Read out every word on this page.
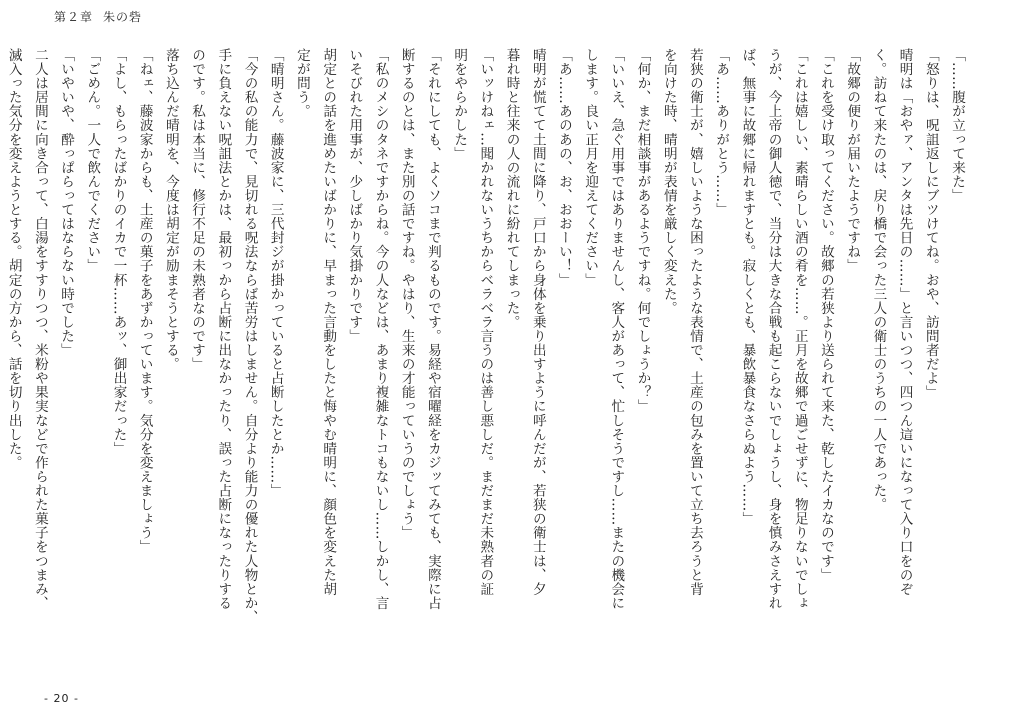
第２章 朱の砦

「……腹が立って来た」

「怒りは、呪詛返しにブツけてね。おや、訪問者だよ」

晴明は「おやァ、アンタは先日の……」と言いつつ、四つん這いになって入り口をのぞ

く。訪ねて来たのは、戻り橋で会った三人の衛士のうちの一人であった。

「故郷の便りが届いたようですね」

「これを受け取ってください。故郷の若狭より送られて来た、乾したイカなのです」

「これは嬉しい、素晴らしい酒の肴を……。正月を故郷で過ごせずに、物足りないでしょ

うが、今上帝の御人徳で、当分は大きな合戦も起こらないでしょうし、身を慎みさえすれ

ば、無事に故郷に帰れますとも。寂しくとも、暴飲暴食なさらぬよう……」

「あ……ありがとう……」

若狭の衛士が、嬉しいような困ったような表情で、土産の包みを置いて立ち去ろうと背

を向けた時、晴明が表情を厳しく変えた。

「何か、まだ相談事があるようですね。何でしょうか？」

「いいえ、急ぐ用事ではありませんし、客人があって、忙しそうですし……またの機会に

します。良い正月を迎えてください」

「あ……あのあの、お、おおーい！」

晴明が慌てて土間に降り、戸口から身体を乗り出すように呼んだが、若狭の衛士は、夕

暮れ時と往来の人の流れに紛れてしまった。

「いッけねェ…聞かれないうちからベラベラ言うのは善し悪しだ。まだまだ未熟者の証

明をやらかした」

「それにしても、よくソコまで判るものです。易経や宿曜経をカジッてみても、実際に占

断するのとは、また別の話ですね。やはり、生来の才能っていうのでしょう」

「私のメシのタネですからね。今の人などは、あまり複雑なトコもないし……しかし、言

いそびれた用事が、少しばかり気掛かりです」

胡定との話を進めたいばかりに、早まった言動をしたと悔やむ晴明に、顔色を変えた胡

定が問う。

「晴明さん。藤波家に、三代封ジが掛かっていると占断したとか……」

「今の私の能力で、見切れる呪法ならば苦労はしません。自分より能力の優れた人物とか、

手に負えない呪詛法とかは、最初っから占断に出なかったり、誤った占断になったりする

のです。私は本当に、修行不足の未熟者なのです」

落ち込んだ晴明を、今度は胡定が励まそうとする。

「ねェ、藤波家からも、土産の菓子をあずかっています。気分を変えましょう」

「よし、もらったばかりのイカで一杯……あッ、御出家だった」

「ごめん。一人で飲んでください」

「いやいや、酔っぱらってはならない時でした」

二人は居間に向き合って、白湯をすすりつつ、米粉や果実などで作られた菓子をつまみ、

滅入った気分を変えようとする。胡定の方から、話を切り出した。

- 20 -
